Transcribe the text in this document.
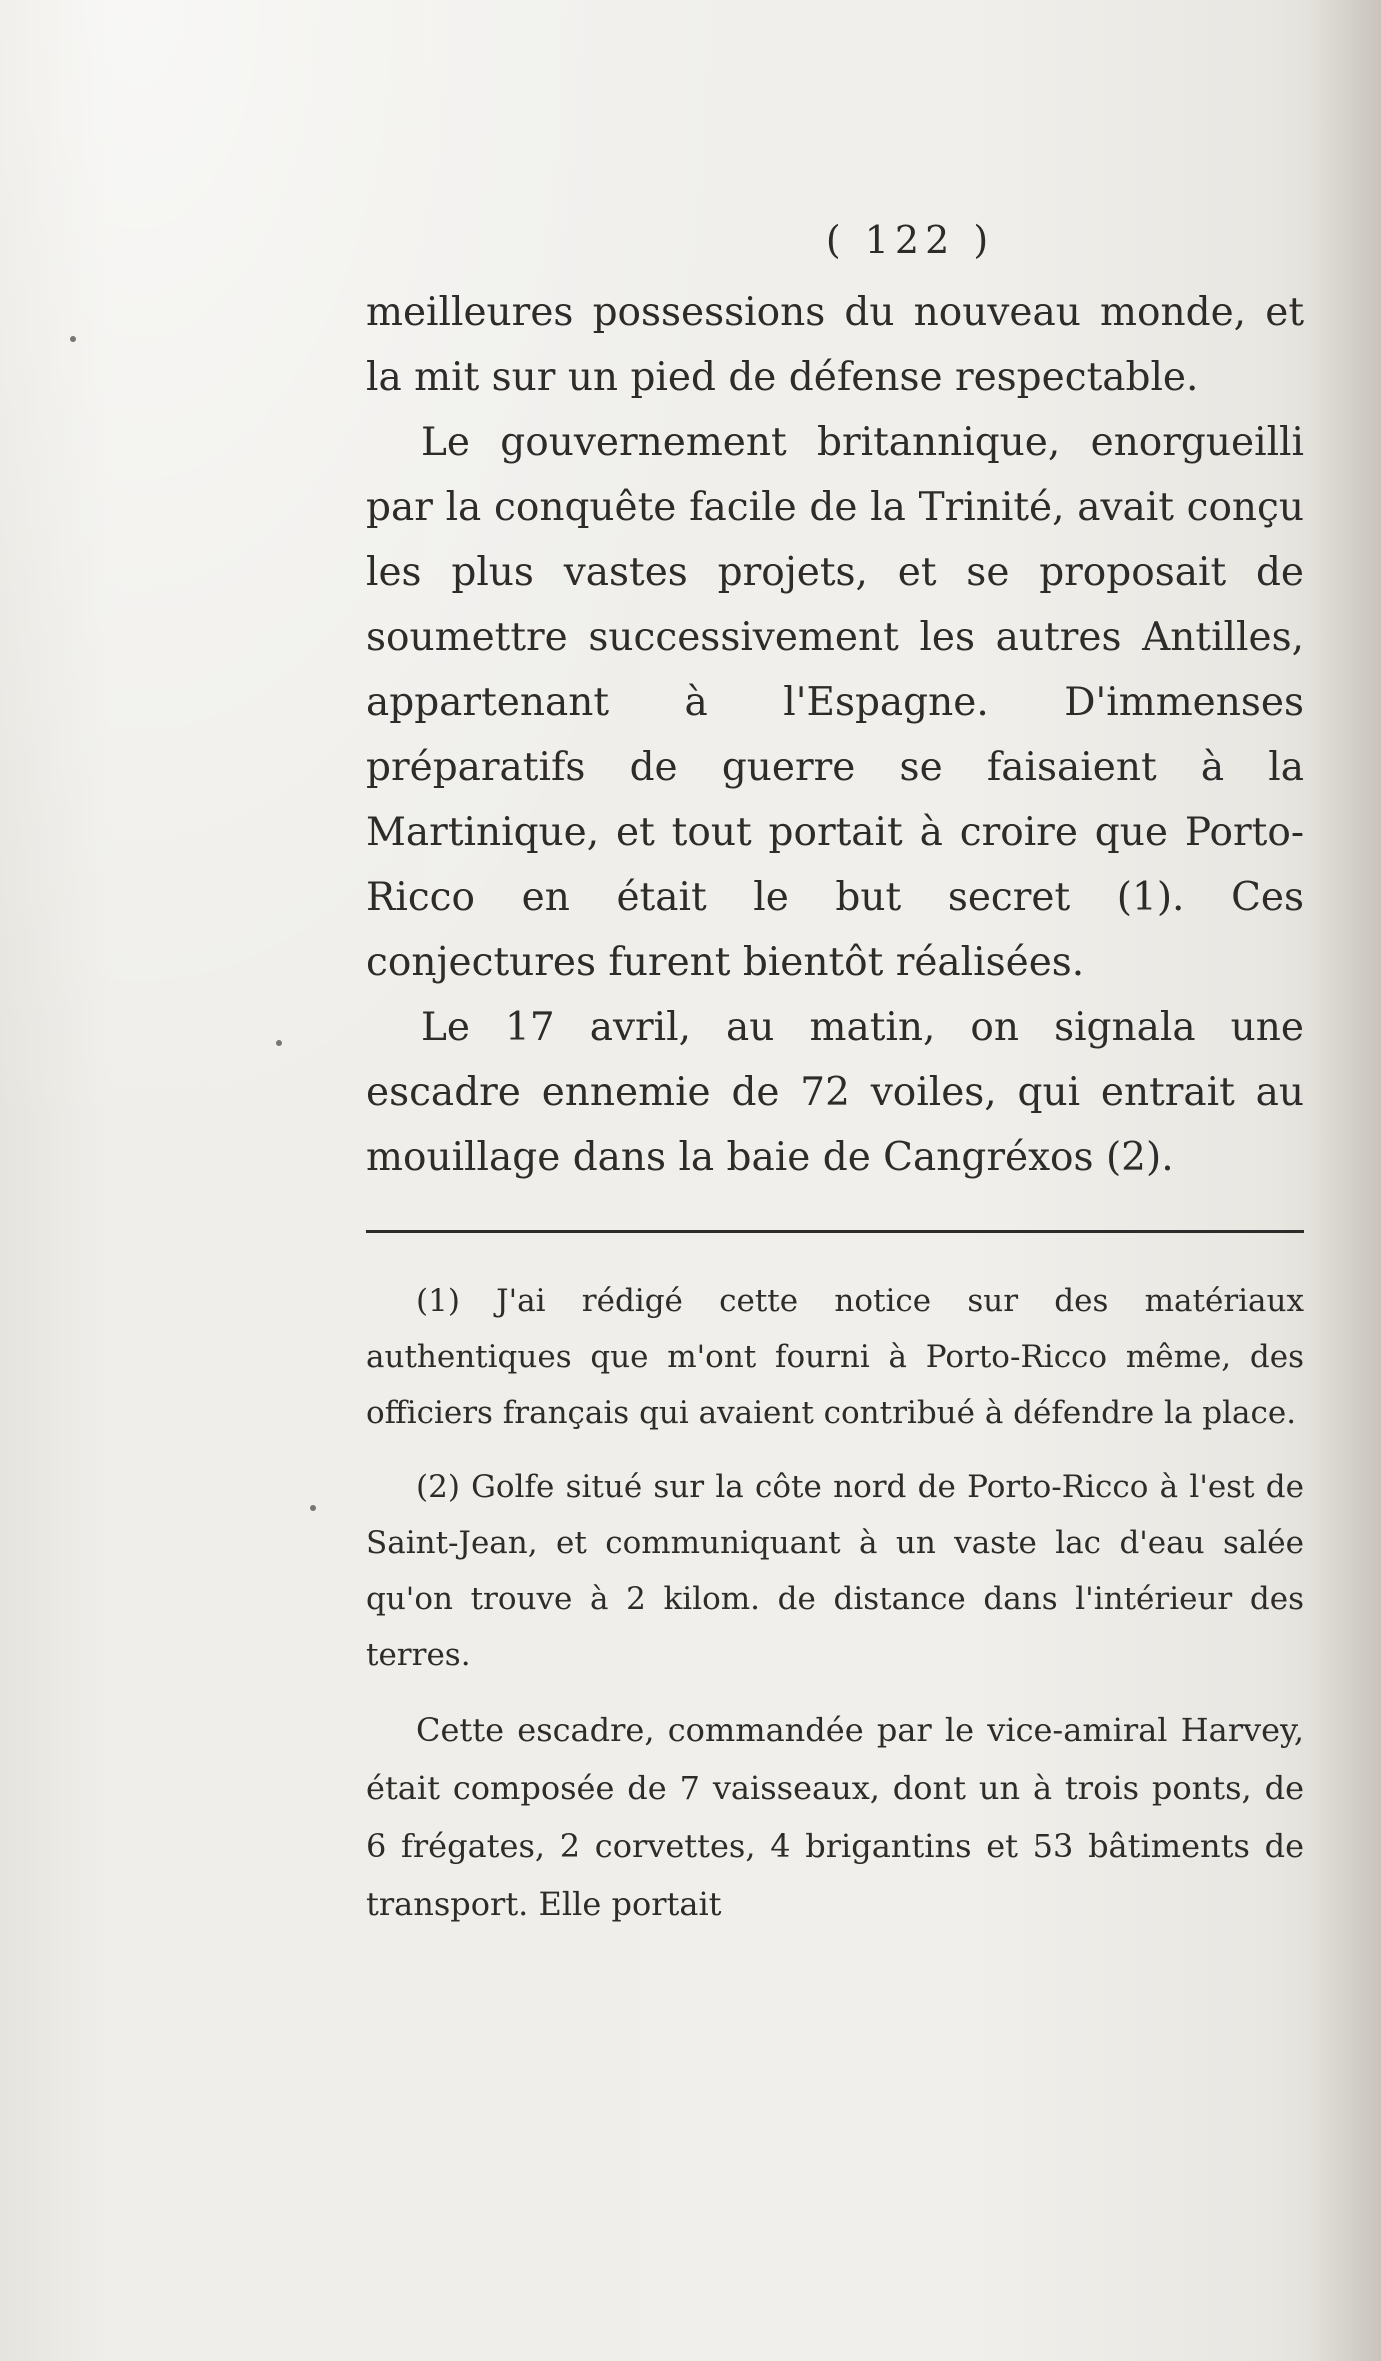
( 122 )

meilleures possessions du nouveau monde, et la mit sur un pied de défense respectable.

Le gouvernement britannique, enorgueilli par la conquête facile de la Trinité, avait conçu les plus vastes projets, et se proposait de soumettre successivement les autres Antilles, appartenant à l'Espagne. D'immenses préparatifs de guerre se faisaient à la Martinique, et tout portait à croire que Porto-Ricco en était le but secret (1). Ces conjectures furent bientôt réalisées.

Le 17 avril, au matin, on signala une escadre ennemie de 72 voiles, qui entrait au mouillage dans la baie de Cangréxos (2).

(1) J'ai rédigé cette notice sur des matériaux authentiques que m'ont fourni à Porto-Ricco même, des officiers français qui avaient contribué à défendre la place.

(2) Golfe situé sur la côte nord de Porto-Ricco à l'est de Saint-Jean, et communiquant à un vaste lac d'eau salée qu'on trouve à 2 kilom. de distance dans l'intérieur des terres.

Cette escadre, commandée par le vice-amiral Harvey, était composée de 7 vaisseaux, dont un à trois ponts, de 6 frégates, 2 corvettes, 4 brigantins et 53 bâtiments de transport. Elle portait
